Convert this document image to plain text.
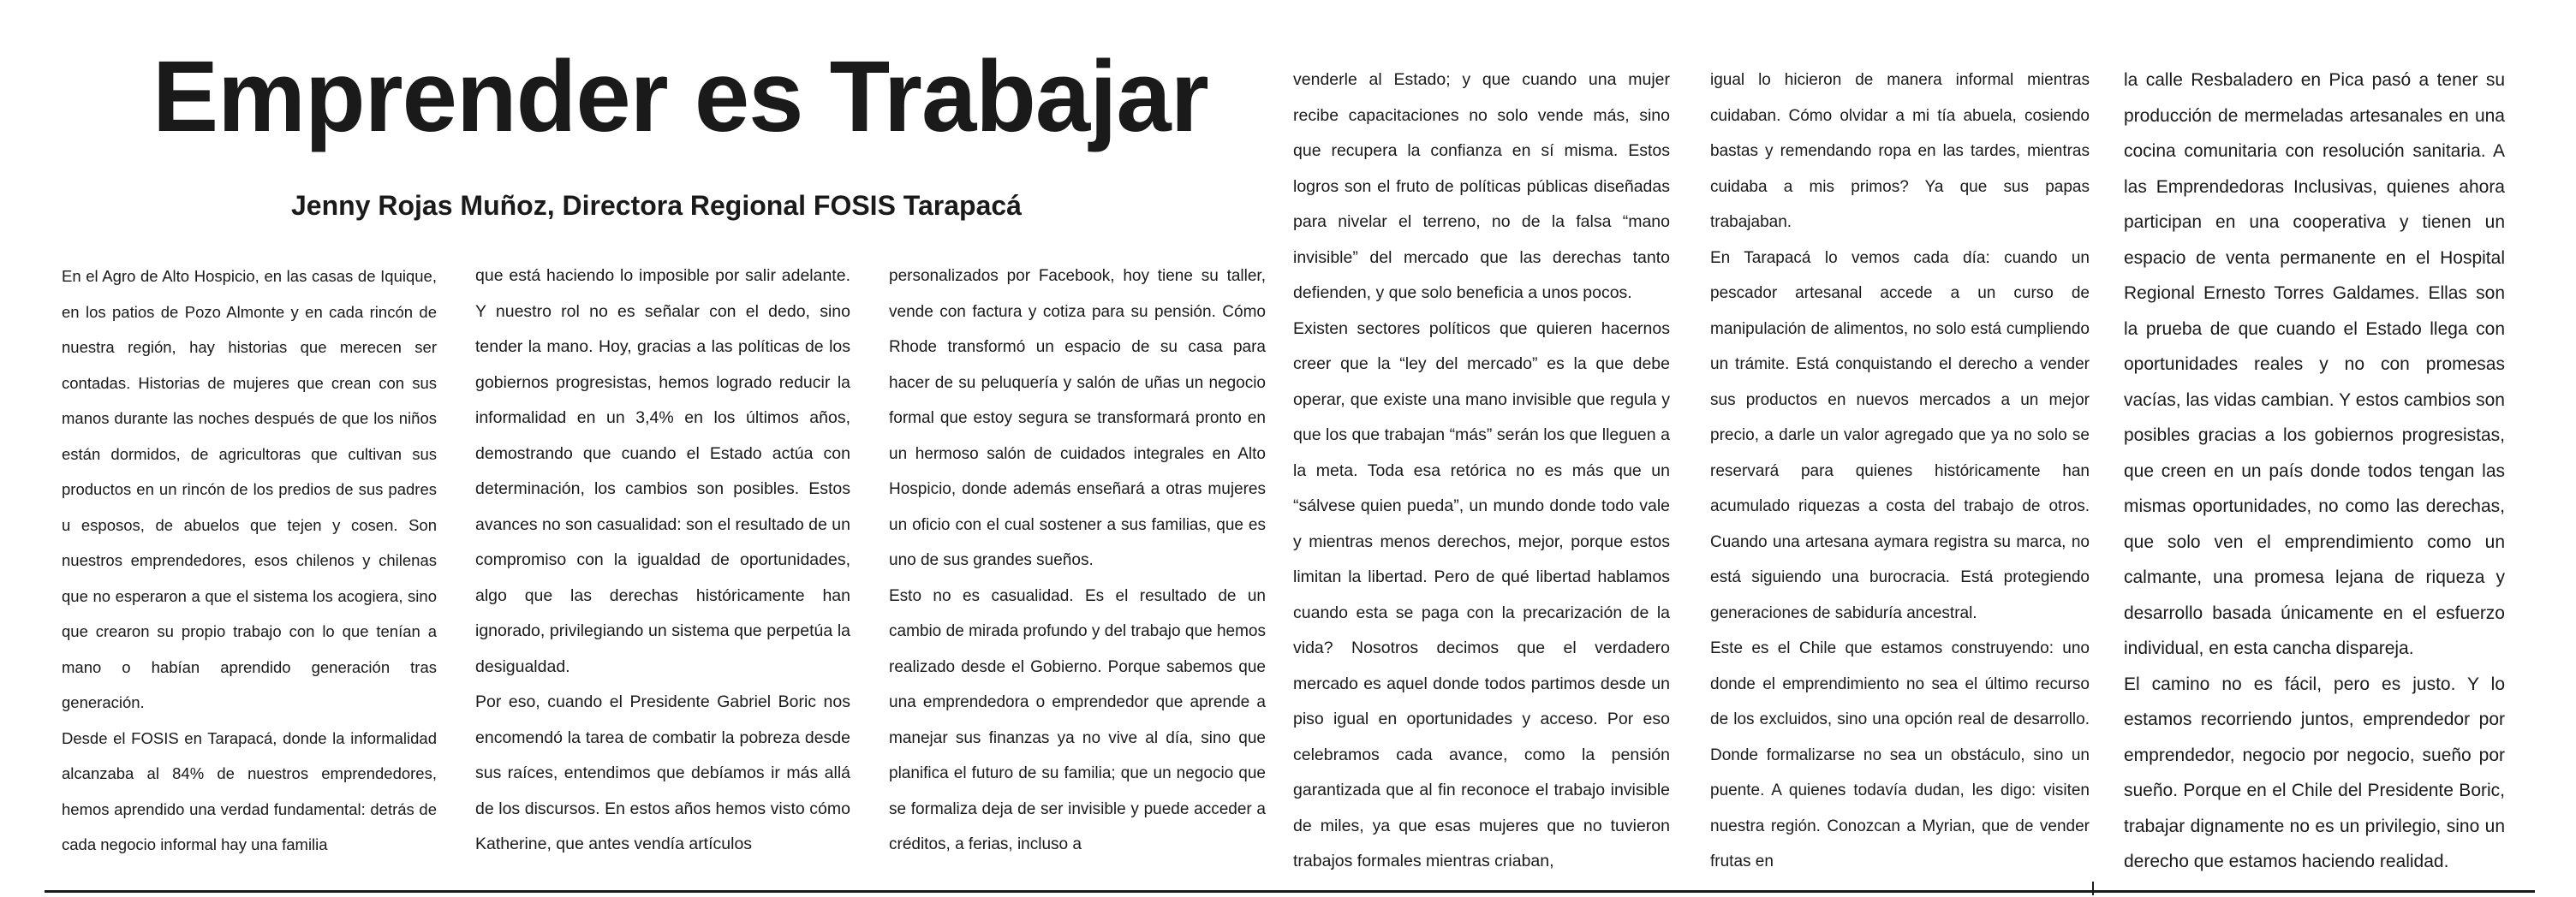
Emprender es Trabajar
Jenny Rojas Muñoz, Directora Regional FOSIS Tarapacá

En el Agro de Alto Hospicio, en las casas de Iquique, en los patios de Pozo Almonte y en cada rincón de nuestra región, hay historias que merecen ser contadas. Historias de mujeres que crean con sus manos durante las noches después de que los niños están dormidos, de agricultoras que cultivan sus productos en un rincón de los predios de sus padres u esposos, de abuelos que tejen y cosen. Son nuestros emprendedores, esos chilenos y chilenas que no esperaron a que el sistema los acogiera, sino que crearon su propio trabajo con lo que tenían a mano o habían aprendido generación tras generación.

Desde el FOSIS en Tarapacá, donde la informalidad alcanzaba al 84% de nuestros emprendedores, hemos aprendido una verdad fundamental: detrás de cada negocio informal hay una familia

que está haciendo lo imposible por salir adelante. Y nuestro rol no es señalar con el dedo, sino tender la mano. Hoy, gracias a las políticas de los gobiernos progresistas, hemos logrado reducir la informalidad en un 3,4% en los últimos años, demostrando que cuando el Estado actúa con determinación, los cambios son posibles. Estos avances no son casualidad: son el resultado de un compromiso con la igualdad de oportunidades, algo que las derechas históricamente han ignorado, privilegiando un sistema que perpetúa la desigualdad.

Por eso, cuando el Presidente Gabriel Boric nos encomendó la tarea de combatir la pobreza desde sus raíces, entendimos que debíamos ir más allá de los discursos. En estos años hemos visto cómo Katherine, que antes vendía artículos

personalizados por Facebook, hoy tiene su taller, vende con factura y cotiza para su pensión. Cómo Rhode transformó un espacio de su casa para hacer de su peluquería y salón de uñas un negocio formal que estoy segura se transformará pronto en un hermoso salón de cuidados integrales en Alto Hospicio, donde además enseñará a otras mujeres un oficio con el cual sostener a sus familias, que es uno de sus grandes sueños.

Esto no es casualidad. Es el resultado de un cambio de mirada profundo y del trabajo que hemos realizado desde el Gobierno. Porque sabemos que una emprendedora o emprendedor que aprende a manejar sus finanzas ya no vive al día, sino que planifica el futuro de su familia; que un negocio que se formaliza deja de ser invisible y puede acceder a créditos, a ferias, incluso a

venderle al Estado; y que cuando una mujer recibe capacitaciones no solo vende más, sino que recupera la confianza en sí misma. Estos logros son el fruto de políticas públicas diseñadas para nivelar el terreno, no de la falsa “mano invisible” del mercado que las derechas tanto defienden, y que solo beneficia a unos pocos.

Existen sectores políticos que quieren hacernos creer que la “ley del mercado” es la que debe operar, que existe una mano invisible que regula y que los que trabajan “más” serán los que lleguen a la meta. Toda esa retórica no es más que un “sálvese quien pueda”, un mundo donde todo vale y mientras menos derechos, mejor, porque estos limitan la libertad. Pero de qué libertad hablamos cuando esta se paga con la precarización de la vida? Nosotros decimos que el verdadero mercado es aquel donde todos partimos desde un piso igual en oportunidades y acceso. Por eso celebramos cada avance, como la pensión garantizada que al fin reconoce el trabajo invisible de miles, ya que esas mujeres que no tuvieron trabajos formales mientras criaban,

igual lo hicieron de manera informal mientras cuidaban. Cómo olvidar a mi tía abuela, cosiendo bastas y remendando ropa en las tardes, mientras cuidaba a mis primos? Ya que sus papas trabajaban.

En Tarapacá lo vemos cada día: cuando un pescador artesanal accede a un curso de manipulación de alimentos, no solo está cumpliendo un trámite. Está conquistando el derecho a vender sus productos en nuevos mercados a un mejor precio, a darle un valor agregado que ya no solo se reservará para quienes históricamente han acumulado riquezas a costa del trabajo de otros. Cuando una artesana aymara registra su marca, no está siguiendo una burocracia. Está protegiendo generaciones de sabiduría ancestral.

Este es el Chile que estamos construyendo: uno donde el emprendimiento no sea el último recurso de los excluidos, sino una opción real de desarrollo. Donde formalizarse no sea un obstáculo, sino un puente. A quienes todavía dudan, les digo: visiten nuestra región. Conozcan a Myrian, que de vender frutas en

la calle Resbaladero en Pica pasó a tener su producción de mermeladas artesanales en una cocina comunitaria con resolución sanitaria. A las Emprendedoras Inclusivas, quienes ahora participan en una cooperativa y tienen un espacio de venta permanente en el Hospital Regional Ernesto Torres Galdames. Ellas son la prueba de que cuando el Estado llega con oportunidades reales y no con promesas vacías, las vidas cambian. Y estos cambios son posibles gracias a los gobiernos progresistas, que creen en un país donde todos tengan las mismas oportunidades, no como las derechas, que solo ven el emprendimiento como un calmante, una promesa lejana de riqueza y desarrollo basada únicamente en el esfuerzo individual, en esta cancha dispareja.

El camino no es fácil, pero es justo. Y lo estamos recorriendo juntos, emprendedor por emprendedor, negocio por negocio, sueño por sueño. Porque en el Chile del Presidente Boric, trabajar dignamente no es un privilegio, sino un derecho que estamos haciendo realidad.
